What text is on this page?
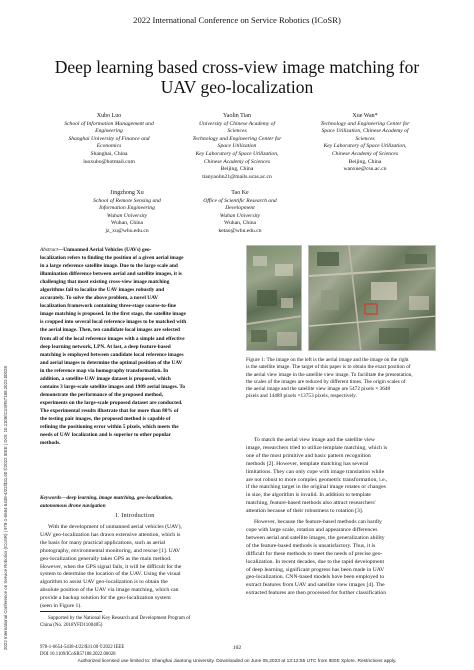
2022 International Conference on Service Robotics (ICoSR)
2022 International Conference on Service Robotics (ICoSR) | 978-1-6654-5438-4/22/$31.00 ©2022 IEEE | DOI: 10.1109/ICoSR57188.2022.00028
Deep learning based cross-view image matching for
UAV geo-localization
Xubo Luo
School of Information Management and
Engineering
Shanghai University of Finance and
Economics
Shanghai, China
luoxubo@hotmail.com
Yaolin Tian
University of Chinese Academy of
Sciences
Technology and Engineering Center for
Space Utilization
Key Laboratory of Space Utilization,
Chinese Academy of Sciences
Beijing, China
tianyaolin21@mails.ucas.ac.cn
Xue Wan*
Technology and Engineering Center for
Space Utilization, Chinese Academy of
Sciences
Key Laboratory of Space Utilization,
Chinese Academy of Sciences
Beijing, China
wanxue@csu.ac.cn
Jingzhong Xu
School of Remote Sensing and
Information Engineering
Wuhan University
Wuhan, China
jz_xu@whu.edu.cn
Tao Ke
Office of Scientific Research and
Development
Wuhan University
Wuhan, China
ketao@whu.edu.cn
Abstract—Unmanned Aerial Vehicles (UAVs) geo-
localization refers to finding the position of a given aerial image
in a large reference satellite image. Due to the large scale and
illumination difference between aerial and satellite images, it is
challenging that most existing cross-view image matching
algorithms fail to localize the UAV images robustly and
accurately. To solve the above problem, a novel UAV
localization framework containing three-stage coarse-to-fine
image matching is proposed. In the first stage, the satellite image
is cropped into several local reference images to be matched with
the aerial image. Then, ten candidate local images are selected
from all of the local reference images with a simple and effective
deep learning network, LPN. At last, a deep feature-based
matching is employed between candidate local reference images
and aerial images to determine the optimal position of the UAV
in the reference map via homography transformation. In
addition, a satellite-UAV image dataset is proposed, which
contains 3 large-scale satellite images and 1909 aerial images. To
demonstrate the performance of the proposed method,
experiments on the large-scale proposed dataset are conducted.
The experimental results illustrate that for more than 80% of
the testing pair images, the proposed method is capable of
refining the positioning error within 5 pixels, which meets the
needs of UAV localization and is superior to other popular
methods.
Keywords—deep learning, image matching, geo-localization,
autonomous drone navigation
I. Introduction
With the development of unmanned aerial vehicles (UAV),
UAV geo-localization has drawn extensive attention, which is
the basis for many practical applications, such as aerial
photography, environmental monitoring, and rescue [1]. UAV
geo-localization generally takes GPS as the main method.
However, when the GPS signal fails, it will be difficult for the
system to determine the location of the UAV. Using the visual
algorithm to assist UAV geo-localization is to obtain the
absolute position of the UAV via image matching, which can
provide a backup solution for the geo-localization system
(seen in Figure 1).
Supported by the National Key Research and Development Program of
China (No. 2018YFD1100405)
Figure 1: The image on the left is the aerial image and the image on the right
is the satellite image. The target of this paper is to obtain the exact position of
the aerial view image in the satellite view image. To facilitate the presentation,
the scales of the images are reduced by different times. The origin scales of
the aerial image and the satellite view image are 5472 pixels × 3648
pixels and 14489 pixels ×13753 pixels, respectively.
To match the aerial view image and the satellite view
image, researchers tried to utilize template matching, which is
one of the most primitive and basic pattern recognition
methods [2]. However, template matching has several
limitations. They can only cope with image translation while
are not robust to more complex geometric transformation, i.e.,
if the matching target in the original image rotates or changes
in size, the algorithm is invalid. In addition to template
matching, feature-based methods also attract researchers'
attention because of their robustness to rotation [3].
However, because the feature-based methods can hardly
cope with large scale, rotation and appearance differences
between aerial and satellite images, the generalization ability
of the feature-based methods is unsatisfactory. Thus, it is
difficult for these methods to meet the needs of precise geo-
localization. In recent decades, due to the rapid development
of deep learning, significant progress has been made in UAV
geo-localization. CNN-based models have been employed to
extract features from UAV and satellite view images [4]. The
extracted features are then processed for further classification
978-1-6654-5438-4/22/$31.00 ©2022 IEEE
DOI 10.1109/ICoSR57188.2022.00028
102
Authorized licensed use limited to: Shanghai Jiaotong University. Downloaded on June 05,2023 at 13:12:55 UTC from IEEE Xplore. Restrictions apply.
